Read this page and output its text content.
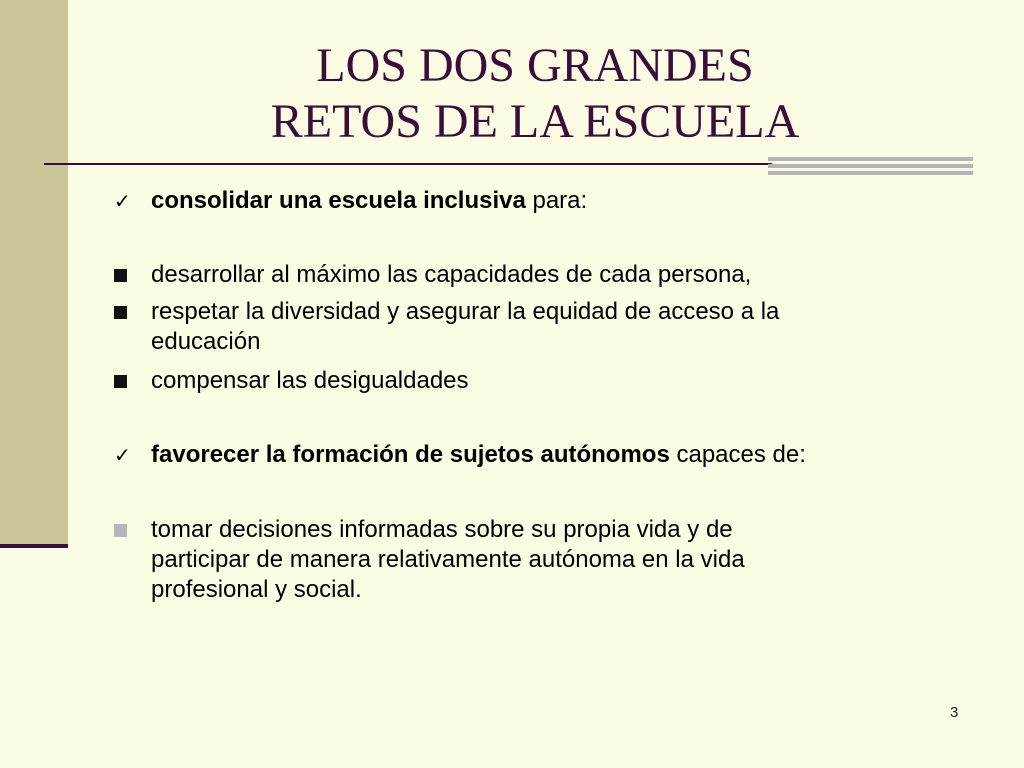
LOS DOS GRANDES
RETOS DE LA ESCUELA
✓ consolidar una escuela inclusiva para:
desarrollar al máximo las capacidades de cada persona,
respetar la diversidad y asegurar la equidad de acceso a la
educación
compensar las desigualdades
✓ favorecer la formación de sujetos autónomos capaces de:
tomar decisiones informadas sobre su propia vida y de
participar de manera relativamente autónoma en la vida
profesional y social.
3
